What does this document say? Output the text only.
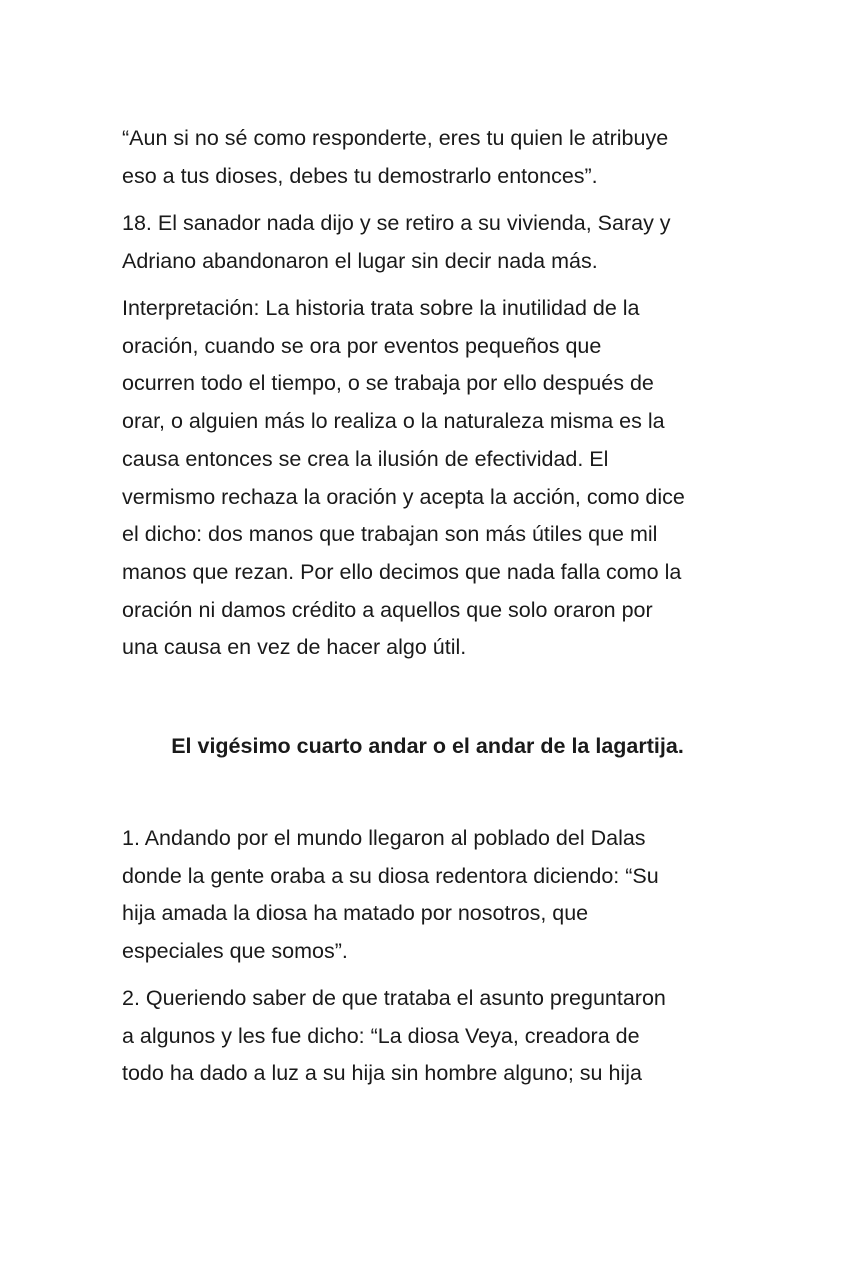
“Aun si no sé como responderte, eres tu quien le atribuye
eso a tus dioses, debes tu demostrarlo entonces”.

18. El sanador nada dijo y se retiro a su vivienda, Saray y
Adriano abandonaron el lugar sin decir nada más.

Interpretación: La historia trata sobre la inutilidad de la
oración, cuando se ora por eventos pequeños que
ocurren todo el tiempo, o se trabaja por ello después de
orar, o alguien más lo realiza o la naturaleza misma es la
causa entonces se crea la ilusión de efectividad. El
vermismo rechaza la oración y acepta la acción, como dice
el dicho: dos manos que trabajan son más útiles que mil
manos que rezan. Por ello decimos que nada falla como la
oración ni damos crédito a aquellos que solo oraron por
una causa en vez de hacer algo útil.

El vigésimo cuarto andar o el andar de la lagartija.

1. Andando por el mundo llegaron al poblado del Dalas
donde la gente oraba a su diosa redentora diciendo: “Su
hija amada la diosa ha matado por nosotros, que
especiales que somos”.

2. Queriendo saber de que trataba el asunto preguntaron
a algunos y les fue dicho: “La diosa Veya, creadora de
todo ha dado a luz a su hija sin hombre alguno; su hija
